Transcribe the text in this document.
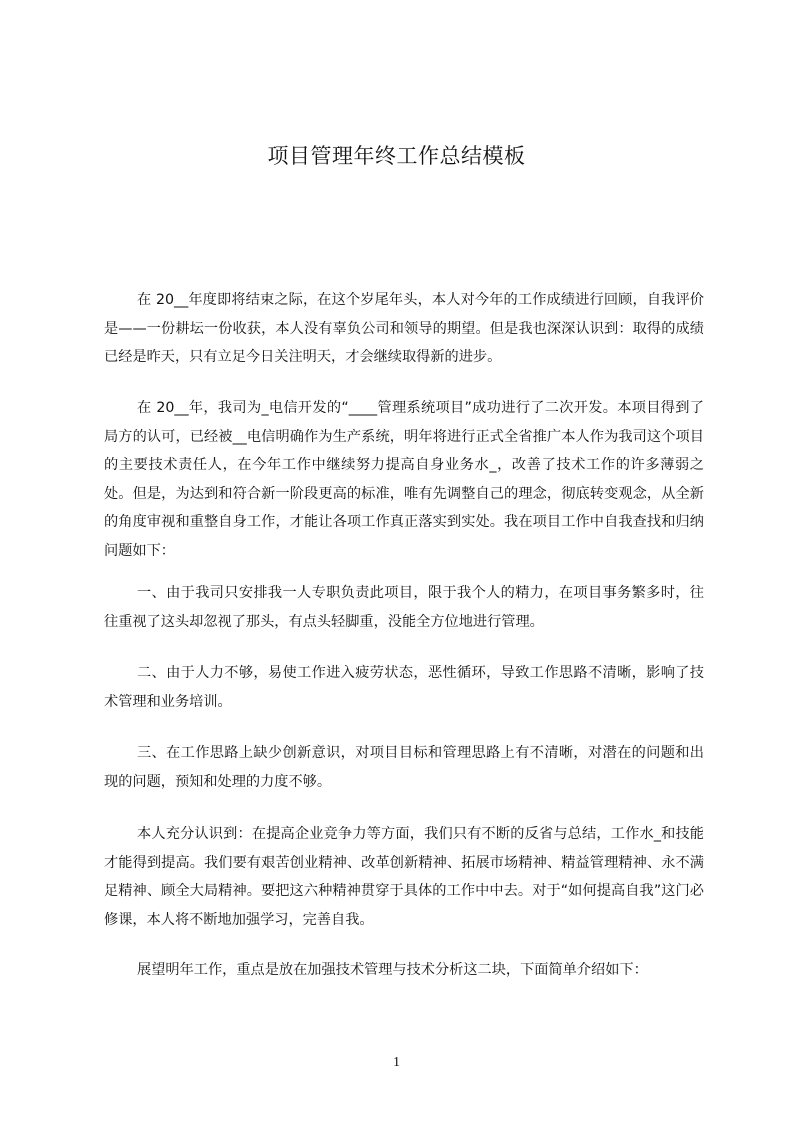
项目管理年终工作总结模板

在 20__年度即将结束之际，在这个岁尾年头，本人对今年的工作成绩进行回顾，自我评价是——一份耕坛一份收获，本人没有辜负公司和领导的期望。但是我也深深认识到：取得的成绩已经是昨天，只有立足今日关注明天，才会继续取得新的进步。

在 20__年，我司为_电信开发的“____管理系统项目”成功进行了二次开发。本项目得到了局方的认可，已经被__电信明确作为生产系统，明年将进行正式全省推广本人作为我司这个项目的主要技术责任人，在今年工作中继续努力提高自身业务水_，改善了技术工作的许多薄弱之处。但是，为达到和符合新一阶段更高的标准，唯有先调整自己的理念，彻底转变观念，从全新的角度审视和重整自身工作，才能让各项工作真正落实到实处。我在项目工作中自我查找和归纳问题如下：

一、由于我司只安排我一人专职负责此项目，限于我个人的精力，在项目事务繁多时，往往重视了这头却忽视了那头，有点头轻脚重，没能全方位地进行管理。

二、由于人力不够，易使工作进入疲劳状态，恶性循环，导致工作思路不清晰，影响了技术管理和业务培训。

三、在工作思路上缺少创新意识，对项目目标和管理思路上有不清晰，对潜在的问题和出现的问题，预知和处理的力度不够。

本人充分认识到：在提高企业竞争力等方面，我们只有不断的反省与总结，工作水_和技能才能得到提高。我们要有艰苦创业精神、改革创新精神、拓展市场精神、精益管理精神、永不满足精神、顾全大局精神。要把这六种精神贯穿于具体的工作中中去。对于“如何提高自我”这门必修课，本人将不断地加强学习，完善自我。

展望明年工作，重点是放在加强技术管理与技术分析这二块，下面简单介绍如下：

1
